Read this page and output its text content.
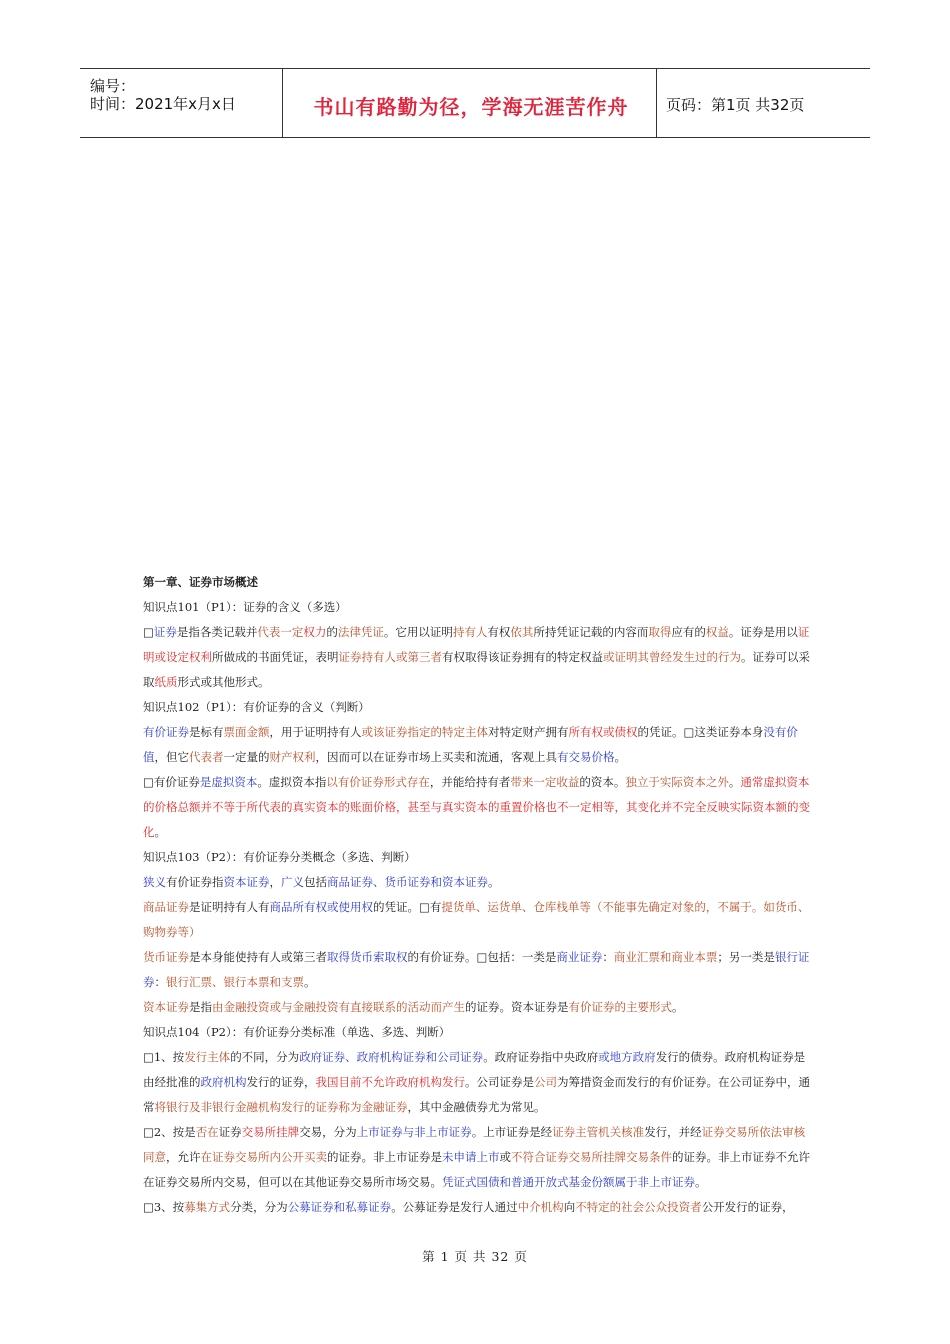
编号：
时间：2021年x月x日	书山有路勤为径，学海无涯苦作舟	页码：第1页 共32页

第一章、证券市场概述

知识点101（P1）：证券的含义（多选）

□证券是指各类记载并代表一定权力的法律凭证。它用以证明持有人有权依其所持凭证记载的内容而取得应有的权益。证券是用以证明或设定权利所做成的书面凭证，表明证券持有人或第三者有权取得该证券拥有的特定权益或证明其曾经发生过的行为。证券可以采取纸质形式或其他形式。

知识点102（P1）：有价证券的含义（判断）

有价证券是标有票面金额，用于证明持有人或该证券指定的特定主体对特定财产拥有所有权或债权的凭证。□这类证券本身没有价值，但它代表者一定量的财产权利，因而可以在证券市场上买卖和流通，客观上具有交易价格。

□有价证券是虚拟资本。虚拟资本指以有价证券形式存在，并能给持有者带来一定收益的资本。独立于实际资本之外。通常虚拟资本的价格总额并不等于所代表的真实资本的账面价格，甚至与真实资本的重置价格也不一定相等，其变化并不完全反映实际资本额的变化。

知识点103（P2）：有价证券分类概念（多选、判断）

狭义有价证券指资本证券，广义包括商品证券、货币证券和资本证券。

商品证券是证明持有人有商品所有权或使用权的凭证。□有提货单、运货单、仓库栈单等（不能事先确定对象的，不属于。如货币、购物券等）

货币证券是本身能使持有人或第三者取得货币索取权的有价证券。□包括：一类是商业证券：商业汇票和商业本票；另一类是银行证券：银行汇票、银行本票和支票。

资本证券是指由金融投资或与金融投资有直接联系的活动而产生的证券。资本证券是有价证券的主要形式。

知识点104（P2）：有价证券分类标准（单选、多选、判断）

□1、按发行主体的不同，分为政府证券、政府机构证券和公司证券。政府证券指中央政府或地方政府发行的债券。政府机构证券是由经批准的政府机构发行的证券，我国目前不允许政府机构发行。公司证券是公司为筹措资金而发行的有价证券。在公司证券中，通常将银行及非银行金融机构发行的证券称为金融证券，其中金融债券尤为常见。

□2、按是否在证券交易所挂牌交易，分为上市证券与非上市证券。上市证券是经证券主管机关核准发行，并经证券交易所依法审核同意，允许在证券交易所内公开买卖的证券。非上市证券是未申请上市或不符合证券交易所挂牌交易条件的证券。非上市证券不允许在证券交易所内交易，但可以在其他证券交易所市场交易。凭证式国债和普通开放式基金份额属于非上市证券。

□3、按募集方式分类，分为公募证券和私募证券。公募证券是发行人通过中介机构向不特定的社会公众投资者公开发行的证券，

第 1 页 共 32 页
